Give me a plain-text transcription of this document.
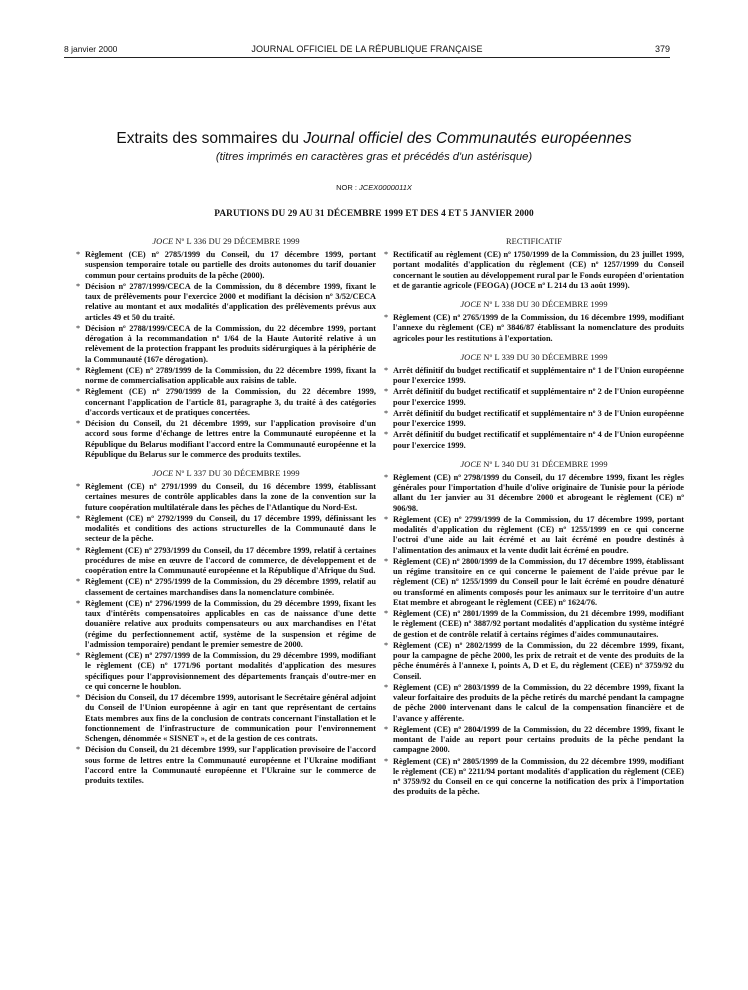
8 janvier 2000	JOURNAL OFFICIEL DE LA RÉPUBLIQUE FRANÇAISE	379
Extraits des sommaires du Journal officiel des Communautés européennes
(titres imprimés en caractères gras et précédés d'un astérisque)
NOR : JCEX0000011X
PARUTIONS DU 29 AU 31 DÉCEMBRE 1999 ET DES 4 ET 5 JANVIER 2000
JOCE Nº L 336 DU 29 DÉCEMBRE 1999
* Règlement (CE) nº 2785/1999 du Conseil, du 17 décembre 1999, portant suspension temporaire totale ou partielle des droits autonomes du tarif douanier commun pour certains produits de la pêche (2000).
* Décision nº 2787/1999/CECA de la Commission, du 8 décembre 1999, fixant le taux de prélèvements pour l'exercice 2000 et modifiant la décision nº 3/52/CECA relative au montant et aux modalités d'application des prélèvements prévus aux articles 49 et 50 du traité.
* Décision nº 2788/1999/CECA de la Commission, du 22 décembre 1999, portant dérogation à la recommandation nº 1/64 de la Haute Autorité relative à un relèvement de la protection frappant les produits sidérurgiques à la périphérie de la Communauté (167e dérogation).
* Règlement (CE) nº 2789/1999 de la Commission, du 22 décembre 1999, fixant la norme de commercialisation applicable aux raisins de table.
* Règlement (CE) nº 2790/1999 de la Commission, du 22 décembre 1999, concernant l'application de l'article 81, paragraphe 3, du traité à des catégories d'accords verticaux et de pratiques concertées.
* Décision du Conseil, du 21 décembre 1999, sur l'application provisoire d'un accord sous forme d'échange de lettres entre la Communauté européenne et la République du Belarus modifiant l'accord entre la Communauté européenne et la République du Belarus sur le commerce des produits textiles.
JOCE Nº L 337 DU 30 DÉCEMBRE 1999
* Règlement (CE) nº 2791/1999 du Conseil, du 16 décembre 1999, établissant certaines mesures de contrôle applicables dans la zone de la convention sur la future coopération multilatérale dans les pêches de l'Atlantique du Nord-Est.
* Règlement (CE) nº 2792/1999 du Conseil, du 17 décembre 1999, définissant les modalités et conditions des actions structurelles de la Communauté dans le secteur de la pêche.
* Règlement (CE) nº 2793/1999 du Conseil, du 17 décembre 1999, relatif à certaines procédures de mise en œuvre de l'accord de commerce, de développement et de coopération entre la Communauté européenne et la République d'Afrique du Sud.
* Règlement (CE) nº 2795/1999 de la Commission, du 29 décembre 1999, relatif au classement de certaines marchandises dans la nomenclature combinée.
* Règlement (CE) nº 2796/1999 de la Commission, du 29 décembre 1999, fixant les taux d'intérêts compensatoires applicables en cas de naissance d'une dette douanière relative aux produits compensateurs ou aux marchandises en l'état (régime du perfectionnement actif, système de la suspension et régime de l'admission temporaire) pendant le premier semestre de 2000.
* Règlement (CE) nº 2797/1999 de la Commission, du 29 décembre 1999, modifiant le règlement (CE) nº 1771/96 portant modalités d'application des mesures spécifiques pour l'approvisionnement des départements français d'outre-mer en ce qui concerne le houblon.
* Décision du Conseil, du 17 décembre 1999, autorisant le Secrétaire général adjoint du Conseil de l'Union européenne à agir en tant que représentant de certains Etats membres aux fins de la conclusion de contrats concernant l'installation et le fonctionnement de l'infrastructure de communication pour l'environnement Schengen, dénommée « SISNET », et de la gestion de ces contrats.
* Décision du Conseil, du 21 décembre 1999, sur l'application provisoire de l'accord sous forme de lettres entre la Communauté européenne et l'Ukraine modifiant l'accord entre la Communauté européenne et l'Ukraine sur le commerce de produits textiles.
RECTIFICATIF
* Rectificatif au règlement (CE) nº 1750/1999 de la Commission, du 23 juillet 1999, portant modalités d'application du règlement (CE) nº 1257/1999 du Conseil concernant le soutien au développement rural par le Fonds européen d'orientation et de garantie agricole (FEOGA) (JOCE nº L 214 du 13 août 1999).
JOCE Nº L 338 DU 30 DÉCEMBRE 1999
* Règlement (CE) nº 2765/1999 de la Commission, du 16 décembre 1999, modifiant l'annexe du règlement (CE) nº 3846/87 établissant la nomenclature des produits agricoles pour les restitutions à l'exportation.
JOCE Nº L 339 DU 30 DÉCEMBRE 1999
* Arrêt définitif du budget rectificatif et supplémentaire nº 1 de l'Union européenne pour l'exercice 1999.
* Arrêt définitif du budget rectificatif et supplémentaire nº 2 de l'Union européenne pour l'exercice 1999.
* Arrêt définitif du budget rectificatif et supplémentaire nº 3 de l'Union européenne pour l'exercice 1999.
* Arrêt définitif du budget rectificatif et supplémentaire nº 4 de l'Union européenne pour l'exercice 1999.
JOCE Nº L 340 DU 31 DÉCEMBRE 1999
* Règlement (CE) nº 2798/1999 du Conseil, du 17 décembre 1999, fixant les règles générales pour l'importation d'huile d'olive originaire de Tunisie pour la période allant du 1er janvier au 31 décembre 2000 et abrogeant le règlement (CE) nº 906/98.
* Règlement (CE) nº 2799/1999 de la Commission, du 17 décembre 1999, portant modalités d'application du règlement (CE) nº 1255/1999 en ce qui concerne l'octroi d'une aide au lait écrémé et au lait écrémé en poudre destinés à l'alimentation des animaux et la vente dudit lait écrémé en poudre.
* Règlement (CE) nº 2800/1999 de la Commission, du 17 décembre 1999, établissant un régime transitoire en ce qui concerne le paiement de l'aide prévue par le règlement (CE) nº 1255/1999 du Conseil pour le lait écrémé en poudre dénaturé ou transformé en aliments composés pour les animaux sur le territoire d'un autre Etat membre et abrogeant le règlement (CEE) nº 1624/76.
* Règlement (CE) nº 2801/1999 de la Commission, du 21 décembre 1999, modifiant le règlement (CEE) nº 3887/92 portant modalités d'application du système intégré de gestion et de contrôle relatif à certains régimes d'aides communautaires.
* Règlement (CE) nº 2802/1999 de la Commission, du 22 décembre 1999, fixant, pour la campagne de pêche 2000, les prix de retrait et de vente des produits de la pêche énumérés à l'annexe I, points A, D et E, du règlement (CEE) nº 3759/92 du Conseil.
* Règlement (CE) nº 2803/1999 de la Commission, du 22 décembre 1999, fixant la valeur forfaitaire des produits de la pêche retirés du marché pendant la campagne de pêche 2000 intervenant dans le calcul de la compensation financière et de l'avance y afférente.
* Règlement (CE) nº 2804/1999 de la Commission, du 22 décembre 1999, fixant le montant de l'aide au report pour certains produits de la pêche pendant la campagne 2000.
* Règlement (CE) nº 2805/1999 de la Commission, du 22 décembre 1999, modifiant le règlement (CE) nº 2211/94 portant modalités d'application du règlement (CEE) nº 3759/92 du Conseil en ce qui concerne la notification des prix à l'importation des produits de la pêche.
